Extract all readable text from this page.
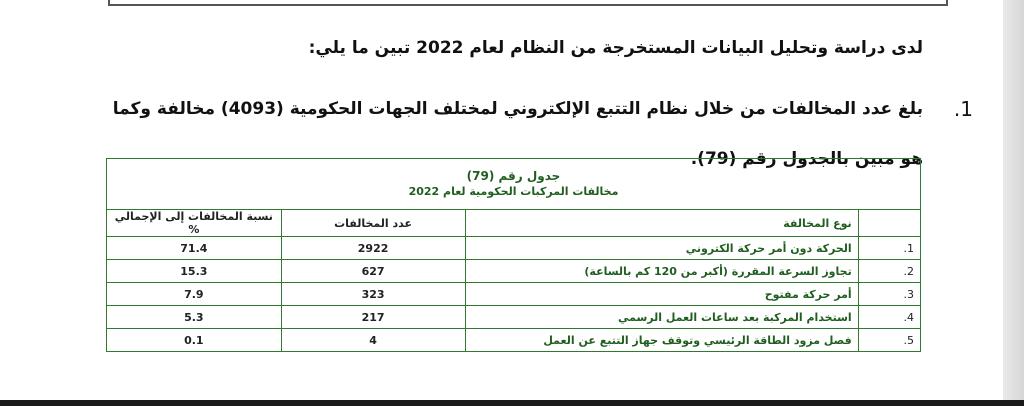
لدى دراسة وتحليل البيانات المستخرجة من النظام لعام 2022 تبين ما يلي:
1.
بلغ عدد المخالفات من خلال نظام التتبع الإلكتروني لمختلف الجهات الحكومية (4093) مخالفة وكما
هو مبين بالجدول رقم (79).
جدول رقم (79)
مخالفات المركبات الحكومية لعام 2022			

	نوع المخالفة	عدد المخالفات	نسبة المخالفات إلى الإجمالي %
1.	الحركة دون أمر حركة الكتروني	2922	71.4
2.	تجاوز السرعة المقررة (أكبر من 120 كم بالساعة)	627	15.3
3.	أمر حركة مفتوح	323	7.9
4.	استخدام المركبة بعد ساعات العمل الرسمي	217	5.3
5.	فصل مزود الطاقة الرئيسي وتوقف جهاز التتبع عن العمل	4	0.1
